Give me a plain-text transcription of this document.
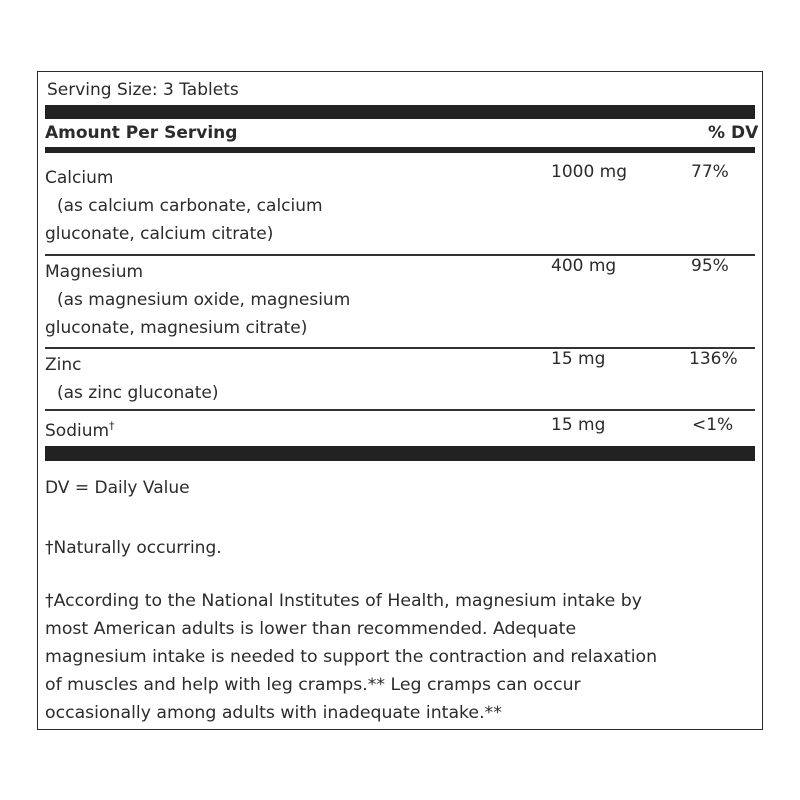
Serving Size: 3 Tablets
Amount Per Serving	% DV
Calcium
(as calcium carbonate, calcium
gluconate, calcium citrate)
1000 mg	77%
Magnesium
(as magnesium oxide, magnesium
gluconate, magnesium citrate)
400 mg	95%
Zinc
(as zinc gluconate)
15 mg	136%
Sodium†	15 mg	<1%
DV = Daily Value
†Naturally occurring.
†According to the National Institutes of Health, magnesium intake by
most American adults is lower than recommended. Adequate
magnesium intake is needed to support the contraction and relaxation
of muscles and help with leg cramps.** Leg cramps can occur
occasionally among adults with inadequate intake.**
